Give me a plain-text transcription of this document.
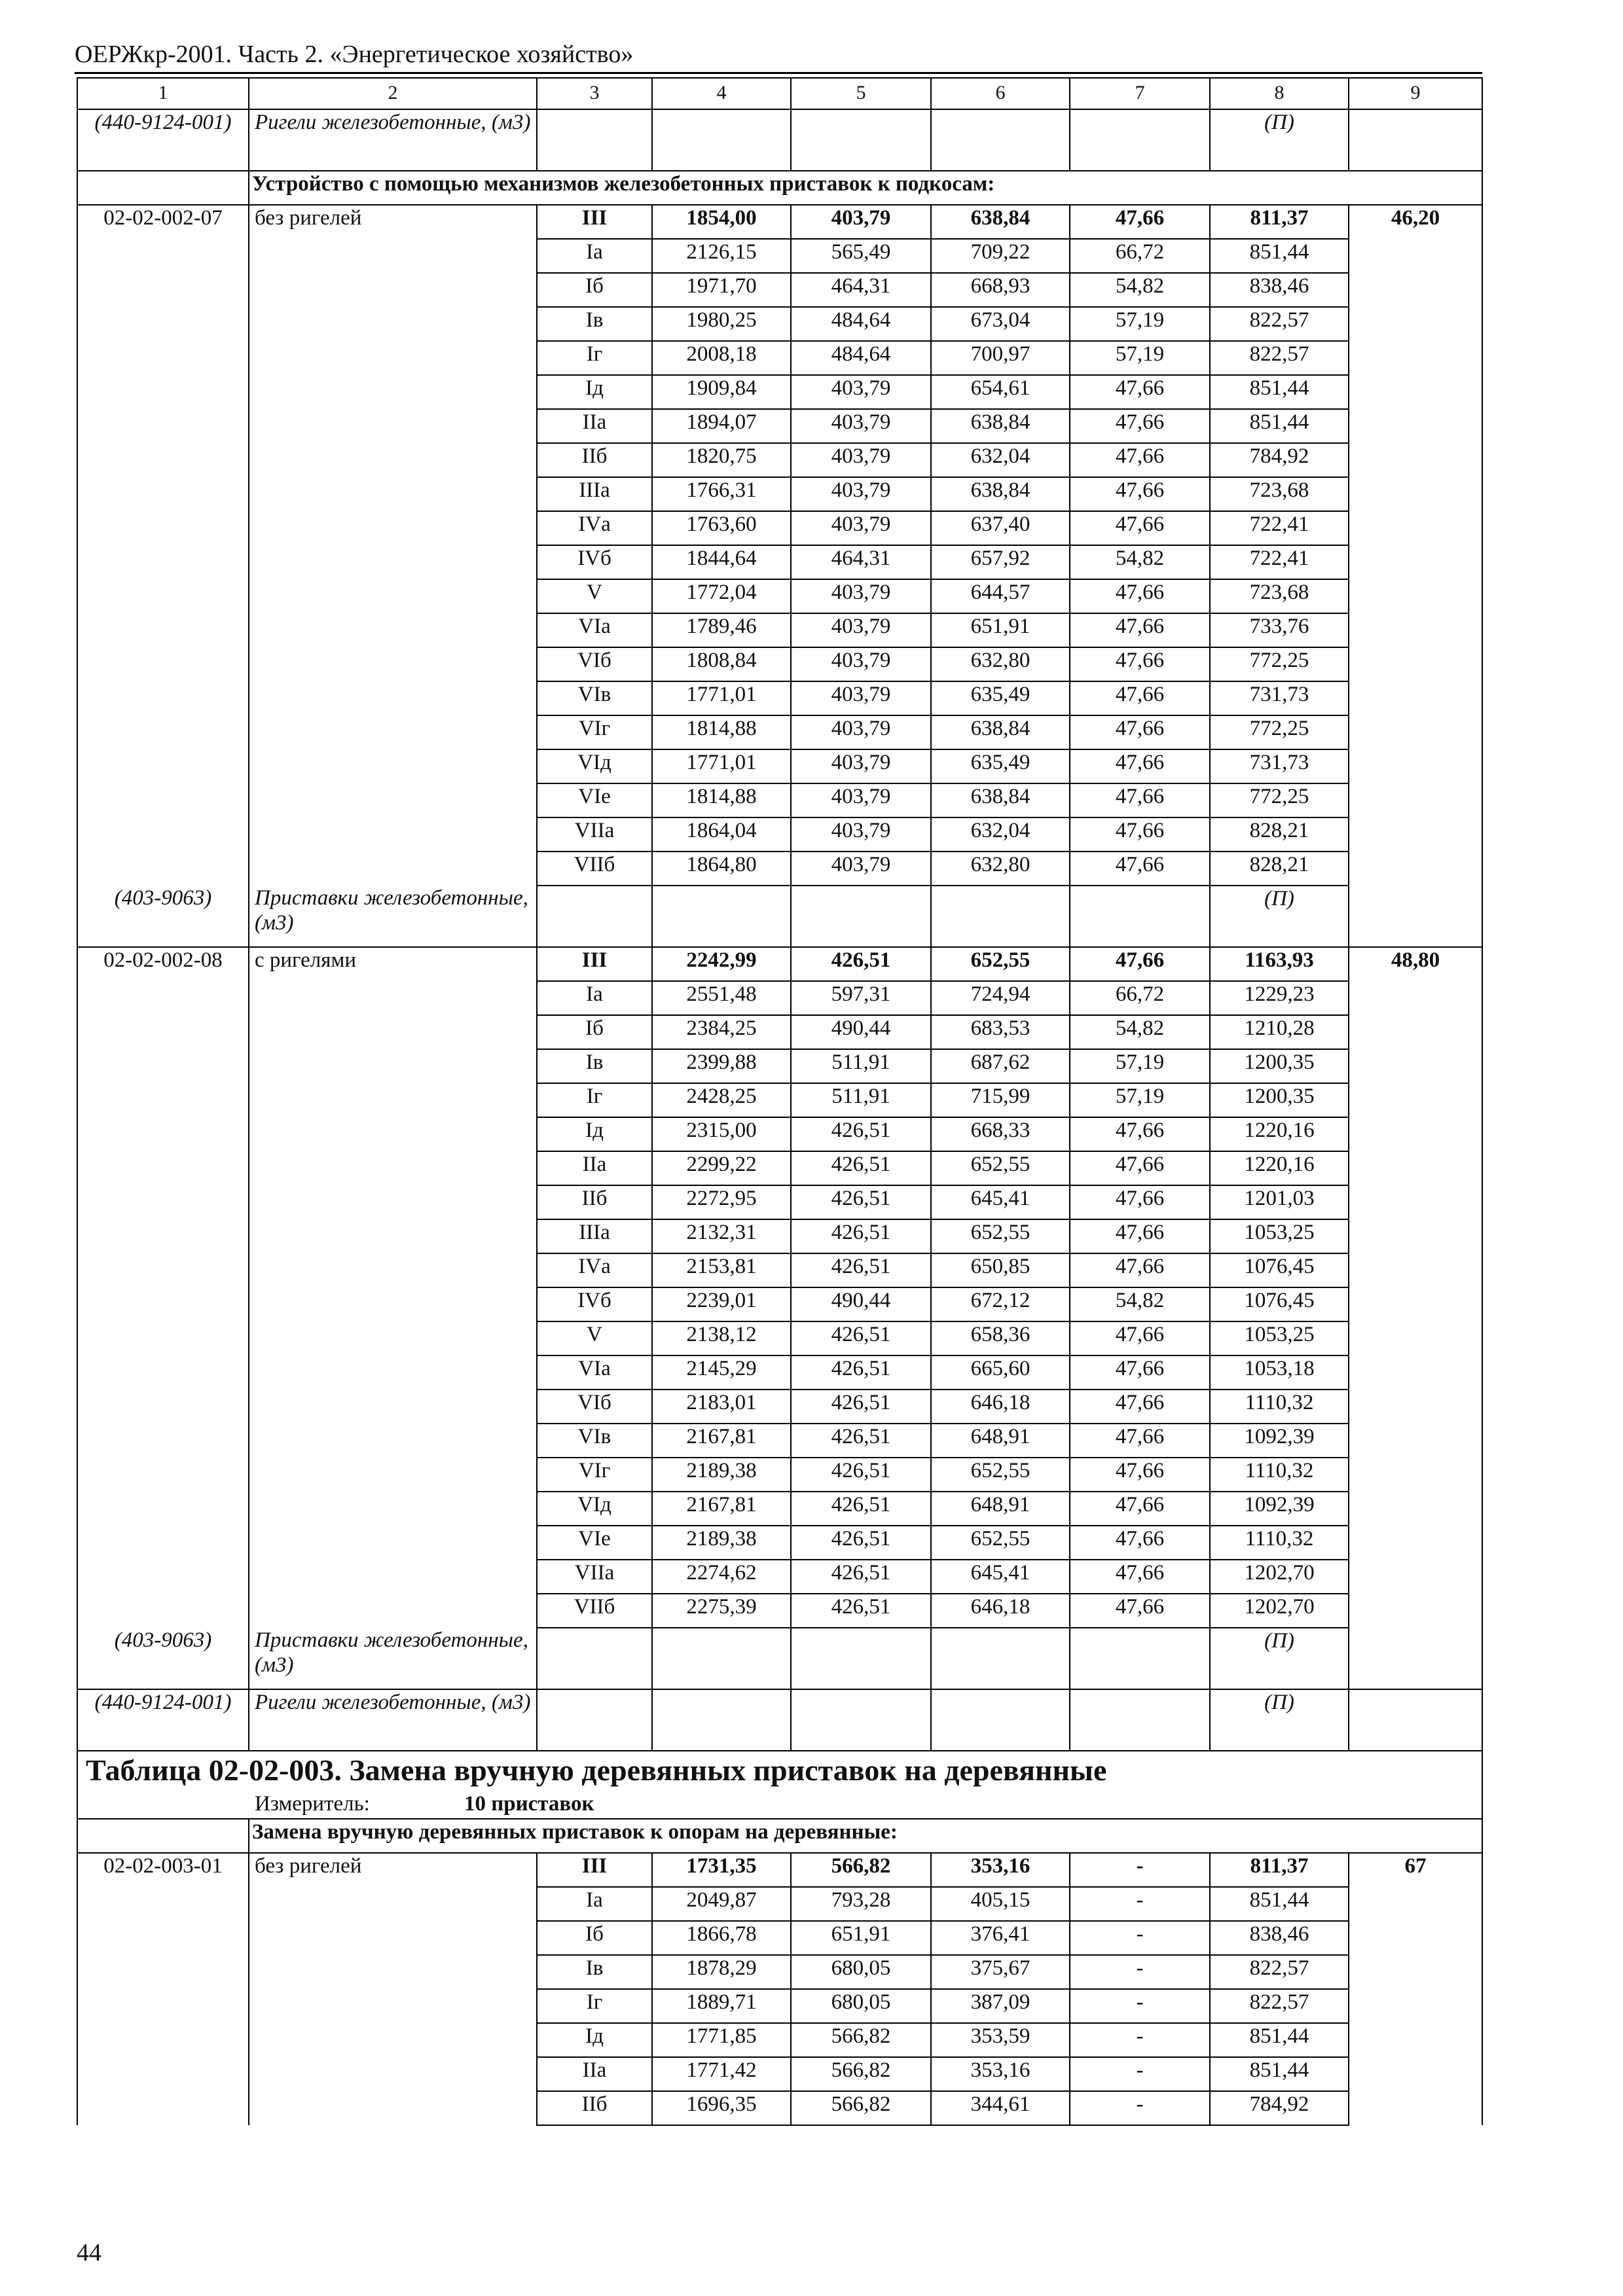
ОЕРЖкр-2001. Часть 2. «Энергетическое хозяйство»
1	2	3	4	5	6	7	8	9
(440-9124-001)	Ригели железобетонные, (м3)						(П)	
	Устройство с помощью механизмов железобетонных приставок к подкосам:							
02-02-002-07	без ригелей	III	1854,00	403,79	638,84	47,66	811,37	46,20
		Iа	2126,15	565,49	709,22	66,72	851,44	
		Iб	1971,70	464,31	668,93	54,82	838,46	
		Iв	1980,25	484,64	673,04	57,19	822,57	
		Iг	2008,18	484,64	700,97	57,19	822,57	
		Iд	1909,84	403,79	654,61	47,66	851,44	
		IIа	1894,07	403,79	638,84	47,66	851,44	
		IIб	1820,75	403,79	632,04	47,66	784,92	
		IIIа	1766,31	403,79	638,84	47,66	723,68	
		IVа	1763,60	403,79	637,40	47,66	722,41	
		IVб	1844,64	464,31	657,92	54,82	722,41	
		V	1772,04	403,79	644,57	47,66	723,68	
		VIа	1789,46	403,79	651,91	47,66	733,76	
		VIб	1808,84	403,79	632,80	47,66	772,25	
		VIв	1771,01	403,79	635,49	47,66	731,73	
		VIг	1814,88	403,79	638,84	47,66	772,25	
		VIд	1771,01	403,79	635,49	47,66	731,73	
		VIе	1814,88	403,79	638,84	47,66	772,25	
		VIIа	1864,04	403,79	632,04	47,66	828,21	
		VIIб	1864,80	403,79	632,80	47,66	828,21	
(403-9063)	Приставки железобетонные, (м3)						(П)	
02-02-002-08	с ригелями	III	2242,99	426,51	652,55	47,66	1163,93	48,80
		Iа	2551,48	597,31	724,94	66,72	1229,23	
		Iб	2384,25	490,44	683,53	54,82	1210,28	
		Iв	2399,88	511,91	687,62	57,19	1200,35	
		Iг	2428,25	511,91	715,99	57,19	1200,35	
		Iд	2315,00	426,51	668,33	47,66	1220,16	
		IIа	2299,22	426,51	652,55	47,66	1220,16	
		IIб	2272,95	426,51	645,41	47,66	1201,03	
		IIIа	2132,31	426,51	652,55	47,66	1053,25	
		IVа	2153,81	426,51	650,85	47,66	1076,45	
		IVб	2239,01	490,44	672,12	54,82	1076,45	
		V	2138,12	426,51	658,36	47,66	1053,25	
		VIа	2145,29	426,51	665,60	47,66	1053,18	
		VIб	2183,01	426,51	646,18	47,66	1110,32	
		VIв	2167,81	426,51	648,91	47,66	1092,39	
		VIг	2189,38	426,51	652,55	47,66	1110,32	
		VIд	2167,81	426,51	648,91	47,66	1092,39	
		VIе	2189,38	426,51	652,55	47,66	1110,32	
		VIIа	2274,62	426,51	645,41	47,66	1202,70	
		VIIб	2275,39	426,51	646,18	47,66	1202,70	
(403-9063)	Приставки железобетонные, (м3)						(П)	
(440-9124-001)	Ригели железобетонные, (м3)						(П)	
Таблица 02-02-003. Замена вручную деревянных приставок на деревянные								
Измеритель: 10 приставок								
	Замена вручную деревянных приставок к опорам на деревянные:							
02-02-003-01	без ригелей	III	1731,35	566,82	353,16	-	811,37	67
		Iа	2049,87	793,28	405,15	-	851,44	
		Iб	1866,78	651,91	376,41	-	838,46	
		Iв	1878,29	680,05	375,67	-	822,57	
		Iг	1889,71	680,05	387,09	-	822,57	
		Iд	1771,85	566,82	353,59	-	851,44	
		IIа	1771,42	566,82	353,16	-	851,44	
		IIб	1696,35	566,82	344,61	-	784,92	
44
